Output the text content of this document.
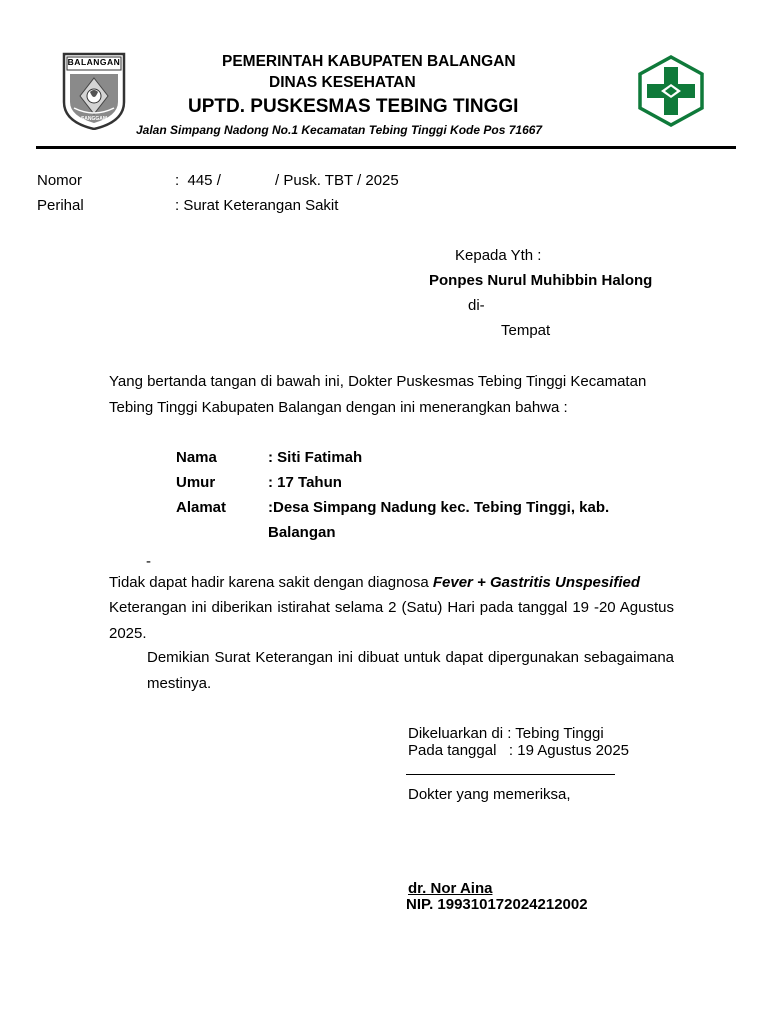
BALANGAN
SANGGAM
PEMERINTAH KABUPATEN BALANGAN
DINAS KESEHATAN
UPTD. PUSKESMAS TEBING TINGGI
Jalan Simpang Nadong No.1 Kecamatan Tebing Tinggi Kode Pos 71667
Nomor	:  445 /             / Pusk. TBT / 2025
Perihal	: Surat Keterangan Sakit
Kepada Yth :
Ponpes Nurul Muhibbin Halong
di-
Tempat
Yang bertanda tangan di bawah ini, Dokter Puskesmas Tebing Tinggi Kecamatan
Tebing Tinggi Kabupaten Balangan dengan ini menerangkan bahwa :
Nama	: Siti Fatimah
Umur	: 17 Tahun
Alamat	:Desa Simpang Nadung kec. Tebing Tinggi, kab.
Balangan
-
Tidak dapat hadir karena sakit dengan diagnosa Fever + Gastritis Unspesified
Keterangan ini diberikan istirahat selama 2 (Satu) Hari pada tanggal 19 -20 Agustus 2025.
Demikian Surat Keterangan ini dibuat untuk dapat dipergunakan sebagaimana mestinya.
Dikeluarkan di : Tebing Tinggi
Pada tanggal   : 19 Agustus 2025
Dokter yang memeriksa,
dr. Nor Aina
NIP. 199310172024212002
